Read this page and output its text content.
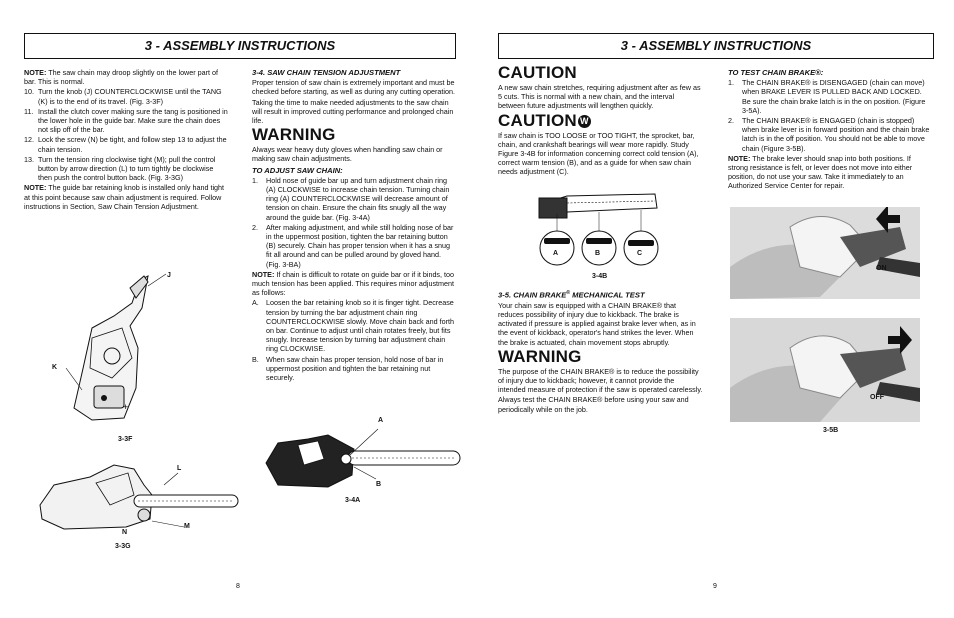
3 - ASSEMBLY INSTRUCTIONS

NOTE: The saw chain may droop slightly on the lower part of bar. This is normal.

10. Turn the knob (J) COUNTERCLOCKWISE until the TANG (K) is to the end of its travel. (Fig. 3-3F)
11. Install the clutch cover making sure the tang is positioned in the lower hole in the guide bar. Make sure the chain does not slip off of the bar.
12. Lock the screw (N) be tight, and follow step 13 to adjust the chain tension.
13. Turn the tension ring clockwise tight (M); pull the control button by arrow direction (L) to turn tightly be clockwise then push the control button back. (Fig. 3-3G)

NOTE: The guide bar retaining knob is installed only hand tight at this point because saw chain adjustment is required. Follow instructions in Section, Saw Chain Tension Adjustment.

+
J
K
3-3F
L
M
N
3-3G

3-4. SAW CHAIN TENSION ADJUSTMENT

Proper tension of saw chain is extremely important and must be checked before starting, as well as during any cutting operation.

Taking the time to make needed adjustments to the saw chain will result in improved cutting performance and prolonged chain life.

WARNING

Always wear heavy duty gloves when handling saw chain or making saw chain adjustments.

TO ADJUST SAW CHAIN:

1.	Hold nose of guide bar up and turn adjustment chain ring (A) CLOCKWISE to increase chain tension. Turning chain ring (A) COUNTERCLOCKWISE will decrease amount of tension on chain. Ensure the chain fits snugly all the way around the guide bar. (Fig. 3-4A)
2.	After making adjustment, and while still holding nose of bar in the uppermost position, tighten the bar retaining button (B) securely. Chain has proper tension when it has a snug fit all around and can be pulled around by gloved hand. (Fig. 3-BA)

NOTE: If chain is difficult to rotate on guide bar or if it binds, too much tension has been applied. This requires minor adjustment as follows:

A.	Loosen the bar retaining knob so it is finger tight. Decrease tension by turning the bar adjustment chain ring COUNTERCLOCKWISE slowly. Move chain back and forth on bar. Continue to adjust until chain rotates freely, but fits snugly. Increase tension by turning bar adjustment chain ring CLOCKWISE.
B.	When saw chain has proper tension, hold nose of bar in uppermost position and tighten the bar retaining nut securely.
A
B
3-4A
8
3 - ASSEMBLY INSTRUCTIONS

CAUTION

A new saw chain stretches, requiring adjustment after as few as 5 cuts. This is normal with a new chain, and the interval between future adjustments will lengthen quickly.

CAUTION W

If saw chain is TOO LOOSE or TOO TIGHT, the sprocket, bar, chain, and crankshaft bearings will wear more rapidly. Study Figure 3-4B for information concerning correct cold tension (A), correct warm tension (B), and as a guide for when saw chain needs adjustment (C).

A	B	C
3-4B

3-5. CHAIN BRAKE® MECHANICAL TEST

Your chain saw is equipped with a CHAIN BRAKE® that reduces possibility of injury due to kickback. The brake is activated if pressure is applied against brake lever when, as in the event of kickback, operator's hand strikes the lever. When the brake is actuated, chain movement stops abruptly.

WARNING

The purpose of the CHAIN BRAKE® is to reduce the possibility of injury due to kickback; however, it cannot provide the intended measure of protection if the saw is operated carelessly.

Always test the CHAIN BRAKE® before using your saw and periodically while on the job.

TO TEST CHAIN BRAKE®:

1.	The CHAIN BRAKE® is DISENGAGED (chain can move) when BRAKE LEVER IS PULLED BACK AND LOCKED. Be sure the chain brake latch is in the on position. (Figure 3-5A).
2.	The CHAIN BRAKE® is ENGAGED (chain is stopped) when brake lever is in forward position and the chain brake latch is in the off position. You should not be able to move chain (Figure 3-5B).

NOTE: The brake lever should snap into both positions. If strong resistance is felt, or lever does not move into either position, do not use your saw. Take it immediately to an Authorized Service Center for repair.

ON
OFF
3-5B
9
